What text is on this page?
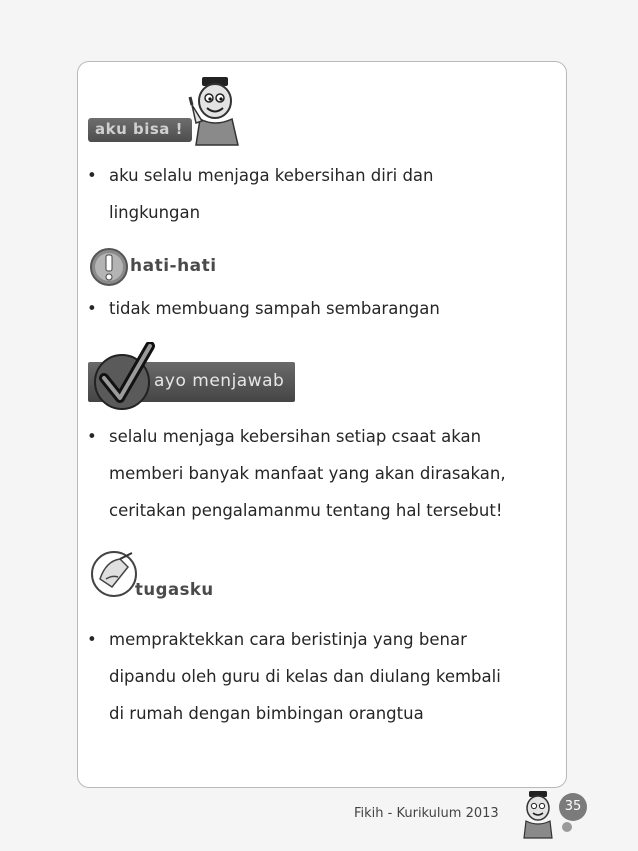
aku bisa !
• aku selalu menjaga kebersihan diri dan
lingkungan
hati-hati
• tidak membuang sampah sembarangan
ayo menjawab
• selalu menjaga kebersihan setiap csaat akan
memberi banyak manfaat yang akan dirasakan,
ceritakan pengalamanmu tentang hal tersebut!
tugasku
• mempraktekkan cara beristinja yang benar
dipandu oleh guru di kelas dan diulang kembali
di rumah dengan bimbingan orangtua
Fikih - Kurikulum 2013	35
